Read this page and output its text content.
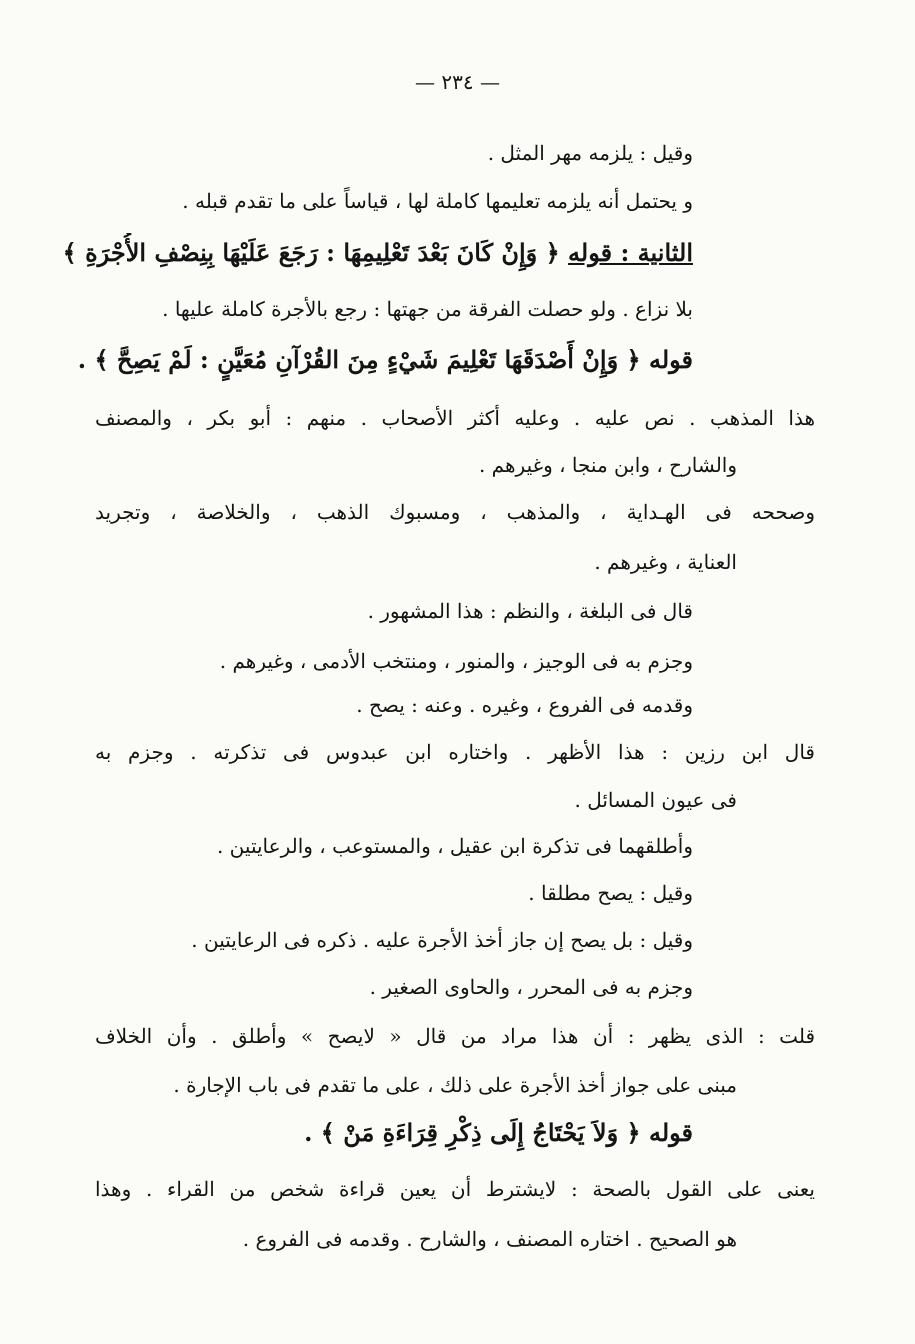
— ٢٣٤ —
وقيل : يلزمه مهر المثل .
و يحتمل أنه يلزمه تعليمها كاملة لها ، قياساً على ما تقدم قبله .
الثانية : قوله ﴿ وَإِنْ كَانَ بَعْدَ تَعْلِيمِهَا : رَجَعَ عَلَيْهَا بِنِصْفِ الأُجْرَةِ ﴾
بلا نزاع . ولو حصلت الفرقة من جهتها : رجع بالأجرة كاملة عليها .
قوله ﴿ وَإِنْ أَصْدَقَهَا تَعْلِيمَ شَيْءٍ مِنَ القُرْآنِ مُعَيَّنٍ : لَمْ يَصِحَّ ﴾ .
هذا المذهب . نص عليه . وعليه أكثر الأصحاب . منهم : أبو بكر ، والمصنف
والشارح ، وابن منجا ، وغيرهم .
وصححه فى الهـداية ، والمذهب ، ومسبوك الذهب ، والخلاصة ، وتجريد
العناية ، وغيرهم .
قال فى البلغة ، والنظم : هذا المشهور .
وجزم به فى الوجيز ، والمنور ، ومنتخب الأدمى ، وغيرهم .
وقدمه فى الفروع ، وغيره . وعنه : يصح .
قال ابن رزين : هذا الأظهر . واختاره ابن عبدوس فى تذكرته . وجزم به
فى عيون المسائل .
وأطلقهما فى تذكرة ابن عقيل ، والمستوعب ، والرعايتين .
وقيل : يصح مطلقا .
وقيل : بل يصح إن جاز أخذ الأجرة عليه . ذكره فى الرعايتين .
وجزم به فى المحرر ، والحاوى الصغير .
قلت : الذى يظهر : أن هذا مراد من قال « لايصح » وأطلق . وأن الخلاف
مبنى على جواز أخذ الأجرة على ذلك ، على ما تقدم فى باب الإجارة .
قوله ﴿ وَلاَ يَحْتَاجُ إِلَى ذِكْرِ قِرَاءَةِ مَنْ ﴾ .
يعنى على القول بالصحة : لايشترط أن يعين قراءة شخص من القراء . وهذا
هو الصحيح . اختاره المصنف ، والشارح . وقدمه فى الفروع .
